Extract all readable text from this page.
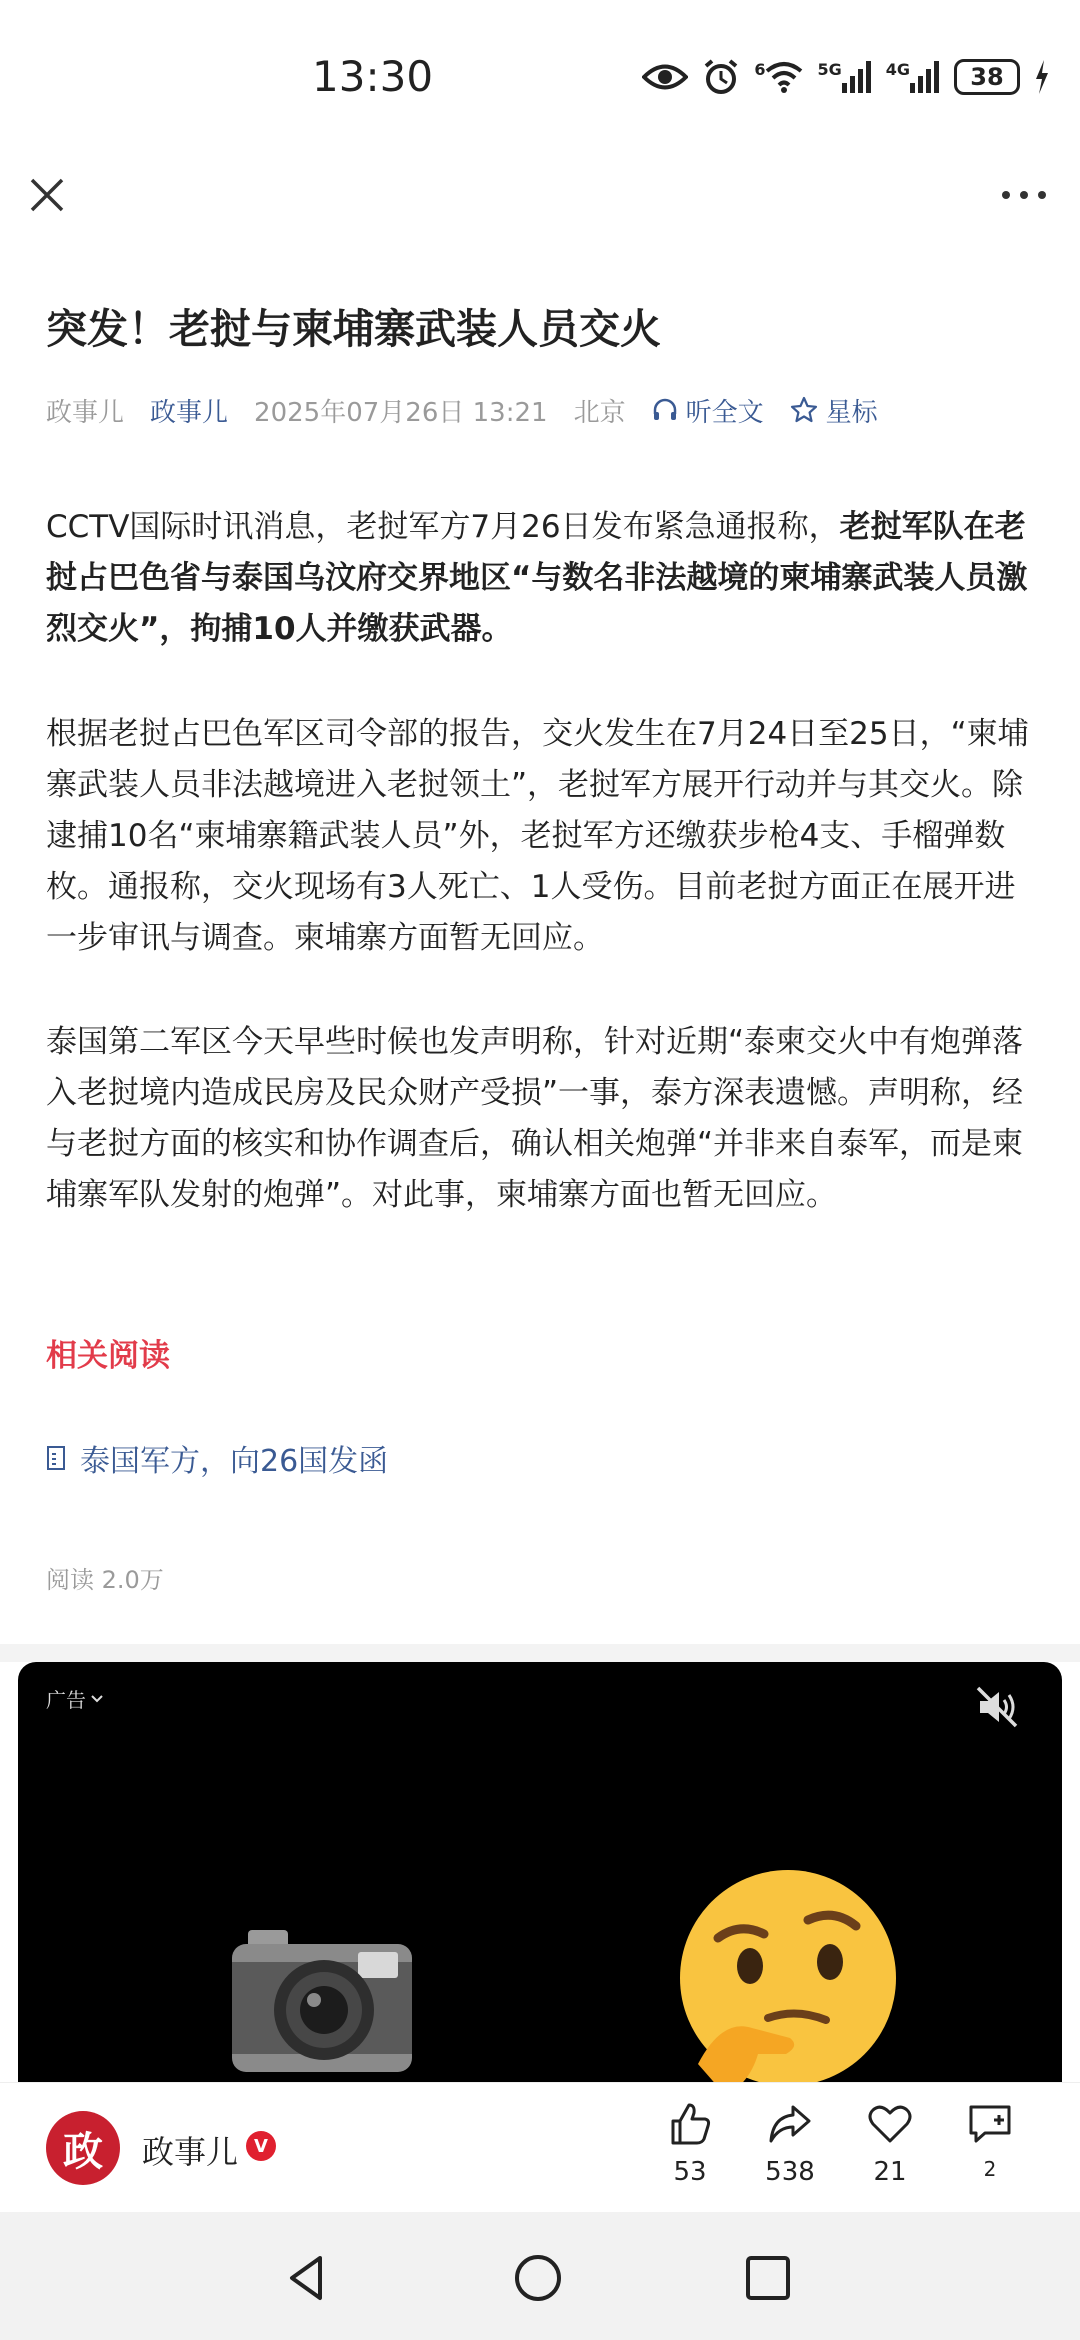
13:30	6	5G	4G	38
突发！老挝与柬埔寨武装人员交火
政事儿 政事儿 2025年07月26日 13:21 北京 听全文 星标
CCTV国际时讯消息，老挝军方7月26日发布紧急通报称，老挝军队在老挝占巴色省与泰国乌汶府交界地区“与数名非法越境的柬埔寨武装人员激烈交火”，拘捕10人并缴获武器。
根据老挝占巴色军区司令部的报告，交火发生在7月24日至25日，“柬埔寨武装人员非法越境进入老挝领土”，老挝军方展开行动并与其交火。除逮捕10名“柬埔寨籍武装人员”外，老挝军方还缴获步枪4支、手榴弹数枚。通报称，交火现场有3人死亡、1人受伤。目前老挝方面正在展开进一步审讯与调查。柬埔寨方面暂无回应。
泰国第二军区今天早些时候也发声明称，针对近期“泰柬交火中有炮弹落入老挝境内造成民房及民众财产受损”一事，泰方深表遗憾。声明称，经与老挝方面的核实和协作调查后，确认相关炮弹“并非来自泰军，而是柬埔寨军队发射的炮弹”。对此事，柬埔寨方面也暂无回应。
相关阅读
泰国军方，向26国发函
阅读 2.0万
广告
政 政事儿 V
53 538 21	2
